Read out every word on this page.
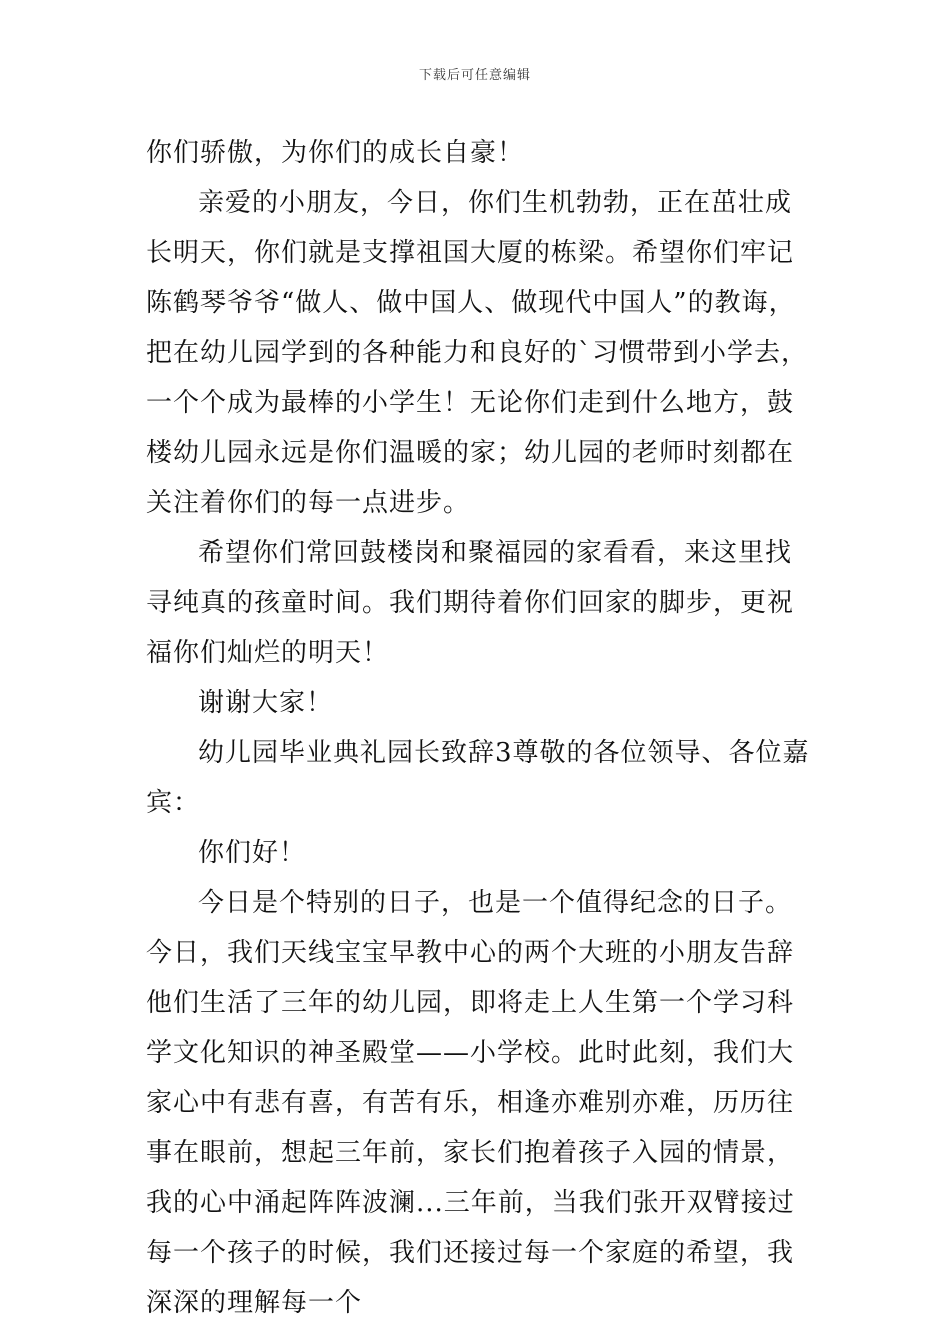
下载后可任意编辑

你们骄傲，为你们的成长自豪！

亲爱的小朋友，今日，你们生机勃勃，正在茁壮成长明天，你们就是支撑祖国大厦的栋梁。希望你们牢记陈鹤琴爷爷“做人、做中国人、做现代中国人”的教诲，把在幼儿园学到的各种能力和良好的`习惯带到小学去，一个个成为最棒的小学生！无论你们走到什么地方，鼓楼幼儿园永远是你们温暖的家；幼儿园的老师时刻都在关注着你们的每一点进步。

希望你们常回鼓楼岗和聚福园的家看看，来这里找寻纯真的孩童时间。我们期待着你们回家的脚步，更祝福你们灿烂的明天！

谢谢大家！

幼儿园毕业典礼园长致辞3尊敬的各位领导、各位嘉宾：

你们好！

今日是个特别的日子，也是一个值得纪念的日子。今日，我们天线宝宝早教中心的两个大班的小朋友告辞他们生活了三年的幼儿园，即将走上人生第一个学习科学文化知识的神圣殿堂——小学校。此时此刻，我们大家心中有悲有喜，有苦有乐，相逢亦难别亦难，历历往事在眼前，想起三年前，家长们抱着孩子入园的情景，我的心中涌起阵阵波澜...三年前，当我们张开双臂接过每一个孩子的时候，我们还接过每一个家庭的希望，我深深的理解每一个
